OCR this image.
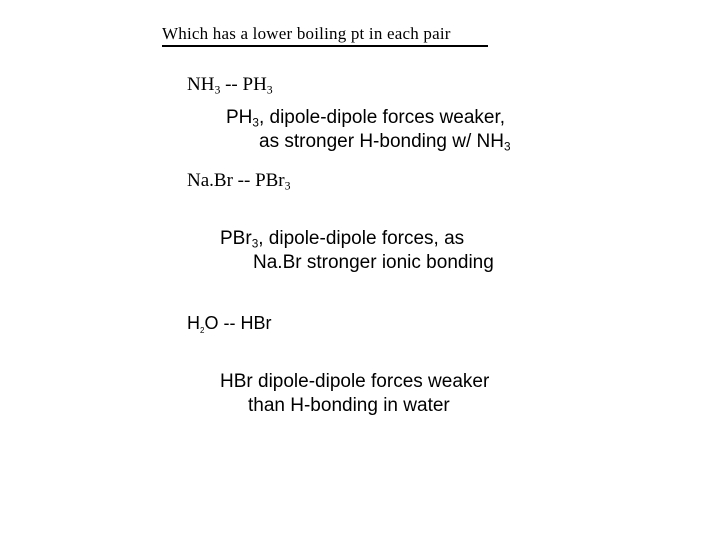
Which has a lower boiling pt in each pair
$NH_3 -- PH_3$
$PH_3$, dipole-dipole forces weaker,
as stronger H-bonding w/ $NH_3$
Na.Br -- PBr$_3$
PBr$_3$, dipole-dipole forces, as
Na.Br stronger ionic bonding
$H_2O$ -- HBr
HBr dipole-dipole forces weaker
than H-bonding in water
